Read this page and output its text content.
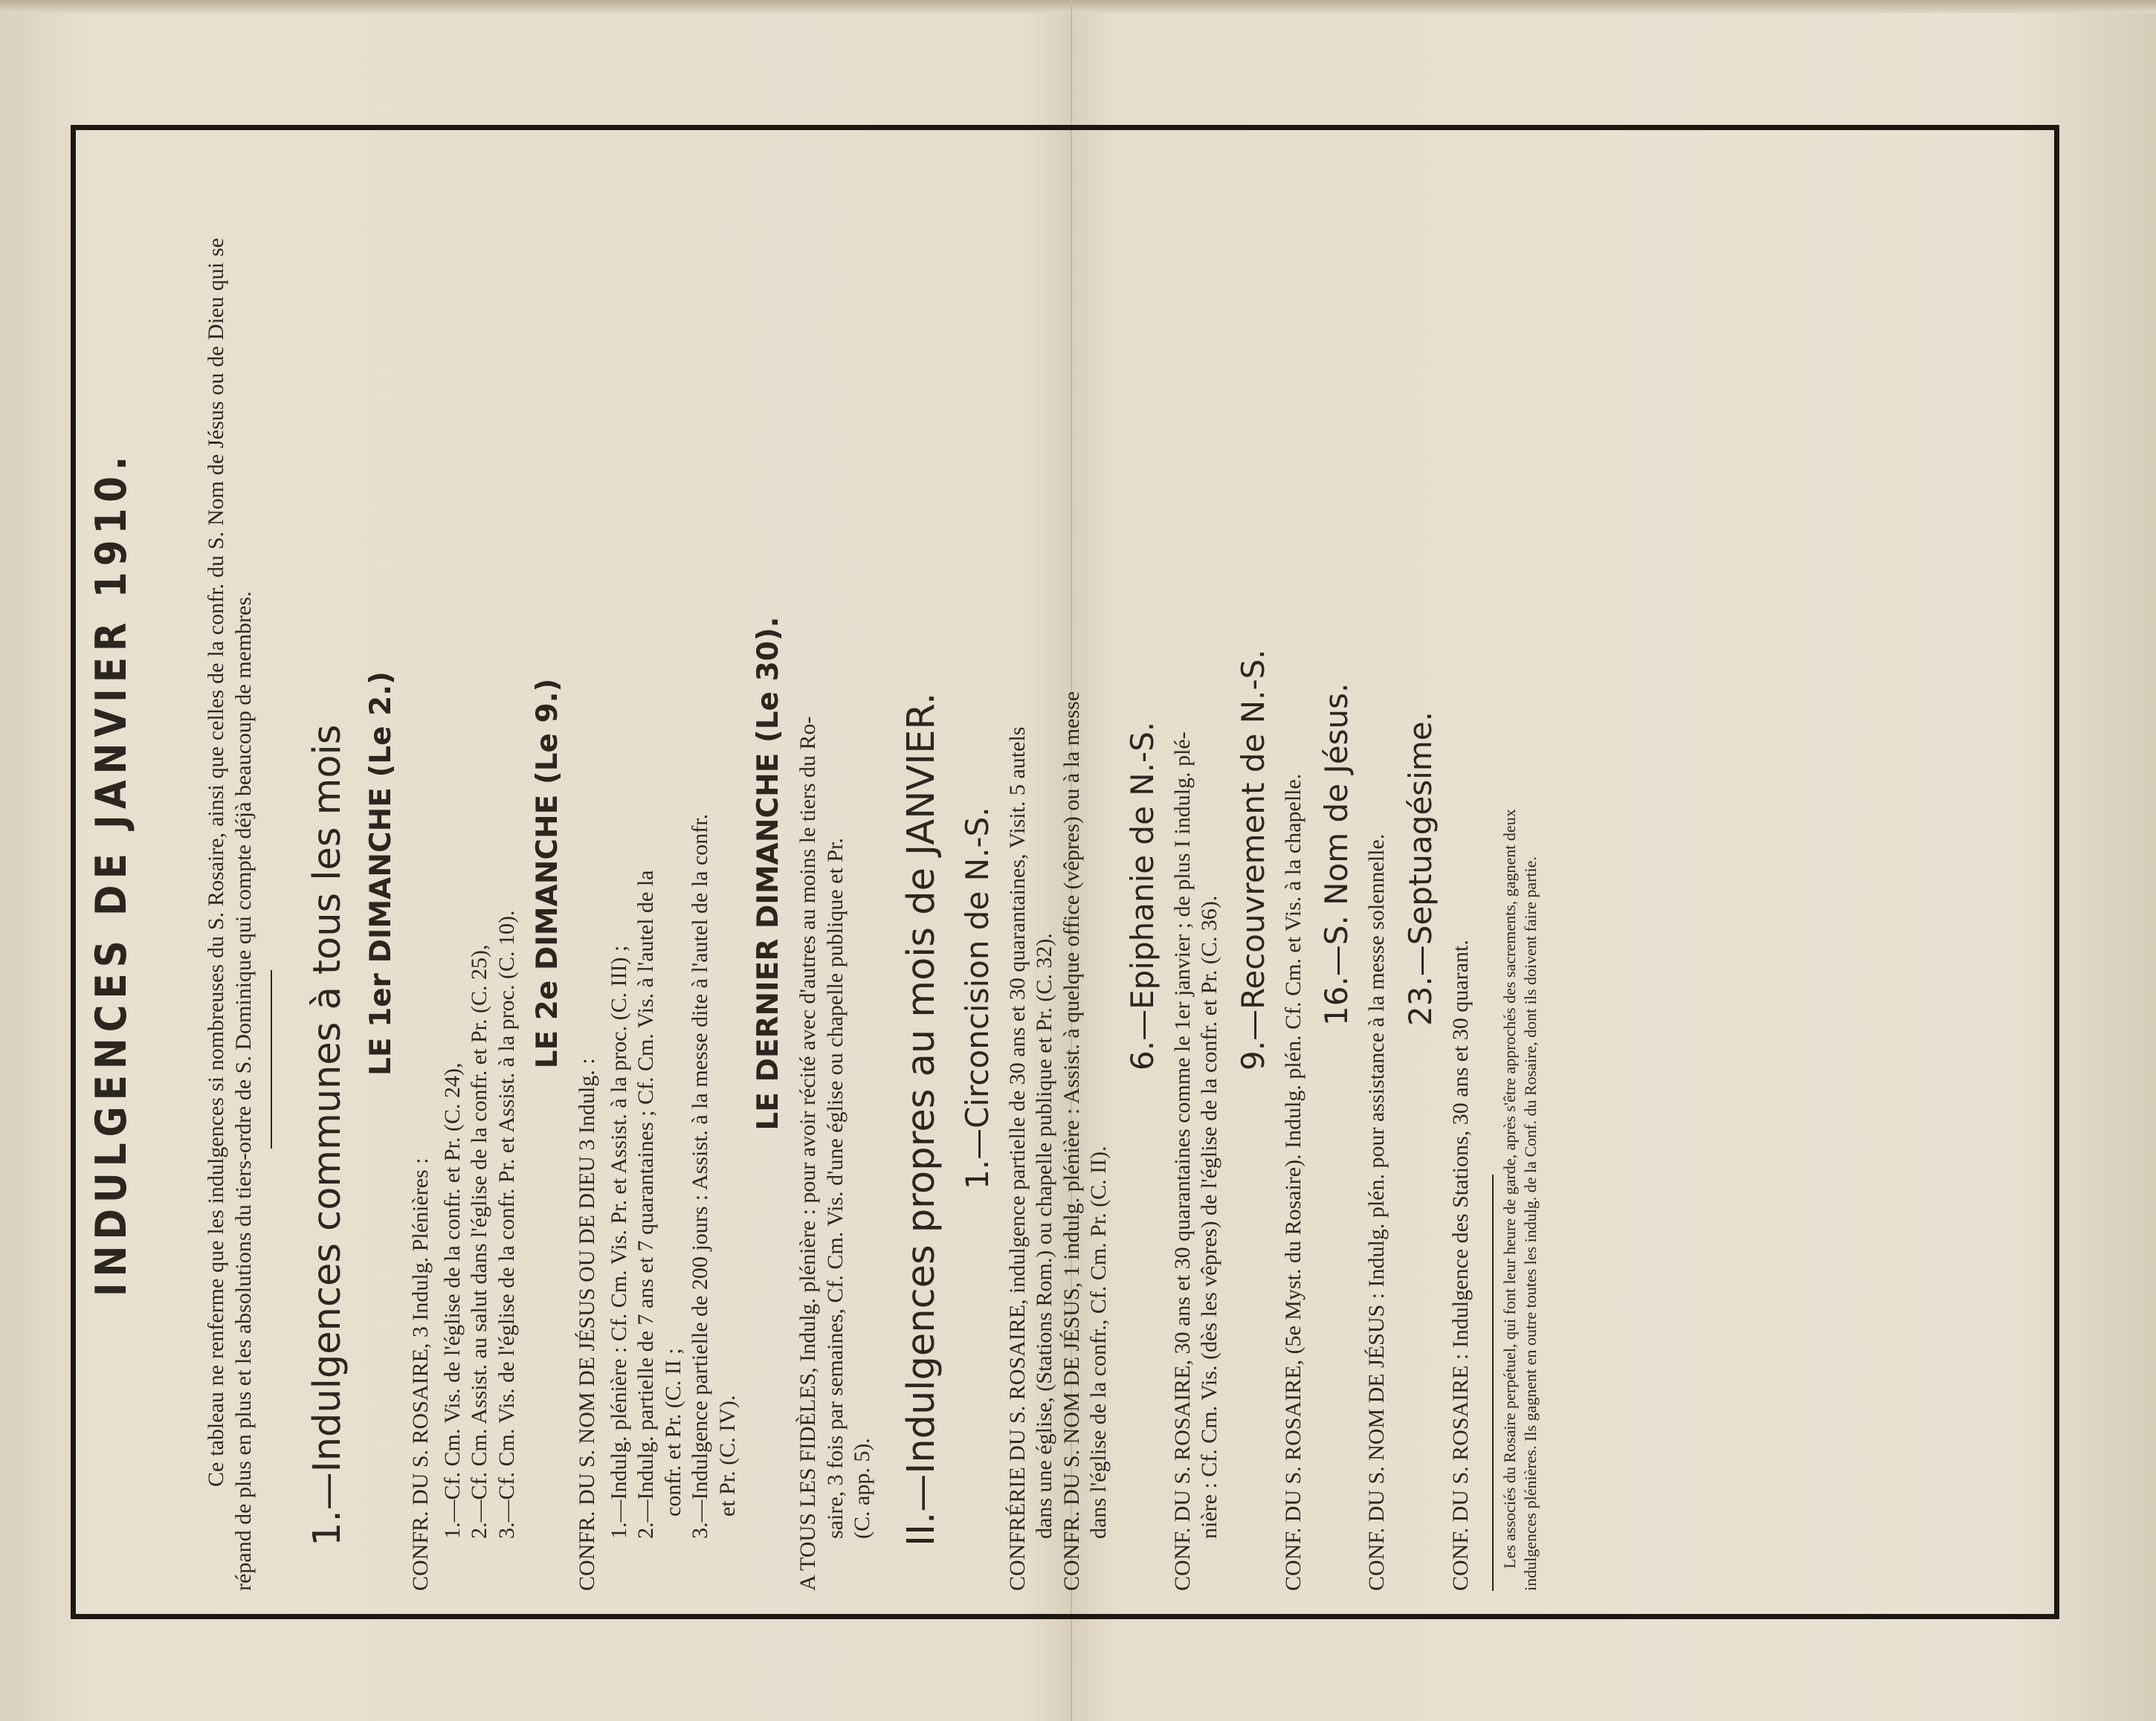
INDULGENCES DE JANVIER 1910.	Ce tableau ne renferme que les indulgences si nombreuses du S. Rosaire, ainsi que celles de la confr. du S. Nom de Jésus ou de Dieu qui se répand de plus en plus et les absolutions du tiers-ordre de S. Dominique qui compte déjà beaucoup de membres. 1.—Indulgences communes à tous les mois LE 1er DIMANCHE (Le 2.)
CONFR. DU S. ROSAIRE, 3 Indulg. Plénières : 1.—Cf. Cm. Vis. de l'église de la confr. et Pr. (C. 24), 2.—Cf. Cm. Assist. au salut dans l'église de la confr. et Pr. (C. 25), 3.—Cf. Cm. Vis. de l'église de la confr. Pr. et Assist. à la proc. (C. 10).
LE 2e DIMANCHE (Le 9.)
CONFR. DU S. NOM DE JÉSUS OU DE DIEU 3 Indulg. : 1.—Indulg. plénière : Cf. Cm. Vis. Pr. et Assist. à la proc. (C. III) ; 2.—Indulg. partielle de 7 ans et 7 quarantaines ; Cf. Cm. Vis. à l'autel de la confr. et Pr. (C. II ; 3.—Indulgence partielle de 200 jours : Assist. à la messe dite à l'autel de la confr. et Pr. (C. IV).
LE DERNIER DIMANCHE (Le 30). A TOUS LES FIDÈLES, Indulg. plénière : pour avoir récité avec d'autres au moins le tiers du Ro- saire, 3 fois par semaines, Cf. Cm. Vis. d'une église ou chapelle publique et Pr. (C. app. 5). II.—Indulgences propres au mois de JANVIER. 1.—Circoncision de N.-S. CONFRÉRIE DU S. ROSAIRE, indulgence partielle de 30 ans et 30 quarantaines, Visit. 5 autels dans une église, (Stations Rom.) ou chapelle publique et Pr. (C. 32). CONFR. DU S. NOM DE JÉSUS, 1 indulg. plénière : Assist. à quelque office (vêpres) ou à la messe dans l'église de la confr., Cf. Cm. Pr. (C. II).
6.—Epiphanie de N.-S. CONF. DU S. ROSAIRE, 30 ans et 30 quarantaines comme le 1er janvier ; de plus I indulg. plé- nière : Cf. Cm. Vis. (dès les vêpres) de l'église de la confr. et Pr. (C. 36).
9.—Recouvrement de N.-S. CONF. DU S. ROSAIRE, (5e Myst. du Rosaire). Indulg. plén. Cf. Cm. et Vis. à la chapelle. 16.—S. Nom de Jésus. CONF. DU S. NOM DE JÉSUS : Indulg. plén. pour assistance à la messe solennelle. 23.—Septuagésime.
CONF. DU S. ROSAIRE : Indulgence des Stations, 30 ans et 30 quarant. Les associés du Rosaire perpétuel, qui font leur heure de garde, après s'être approchés des sacrements, gagnent deux indulgences plénières. Ils gagnent en outre toutes les indulg. de la Conf. du Rosaire, dont ils doivent faire partie.
